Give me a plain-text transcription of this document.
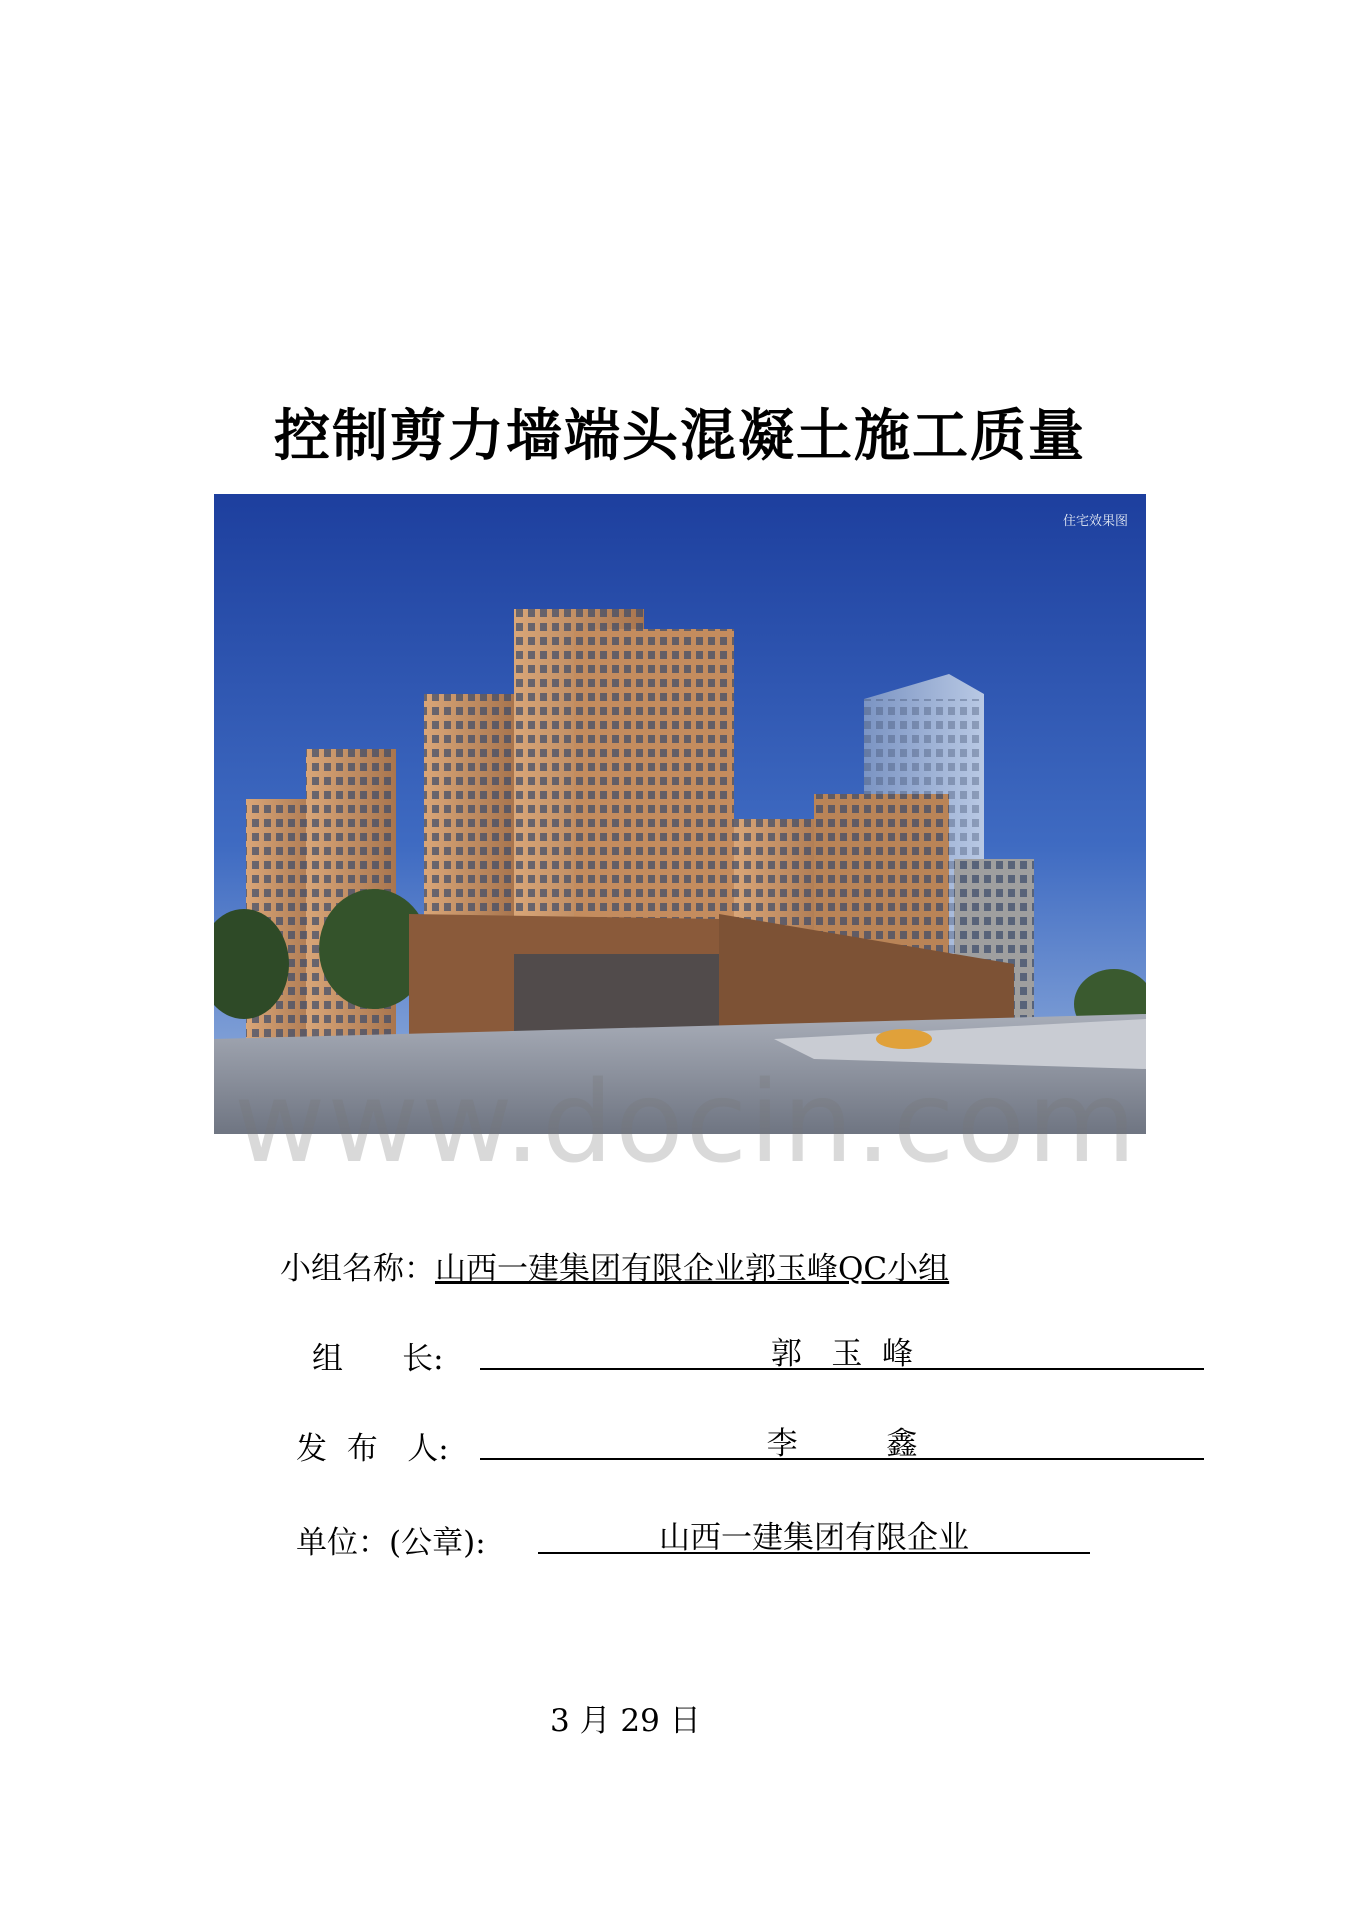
控制剪力墙端头混凝土施工质量
住宅效果图
www.docin.com
小组名称：山西一建集团有限企业郭玉峰QC小组
组      长:	郭   玉  峰
发  布   人:	李         鑫
单位：(公章):	山西一建集团有限企业
3 月 29 日
